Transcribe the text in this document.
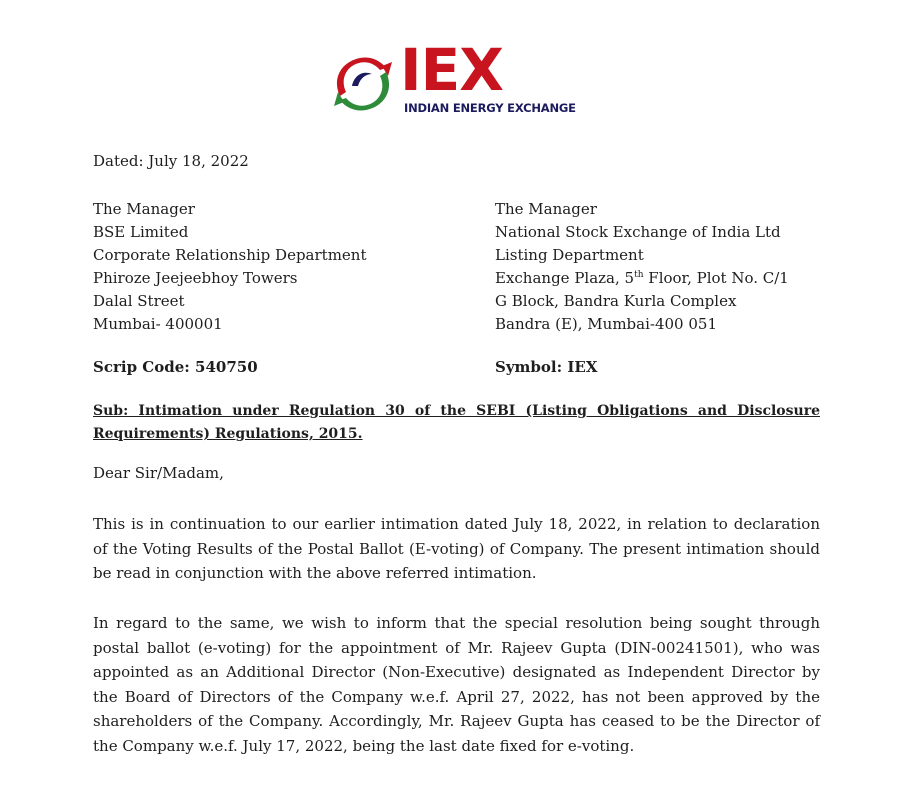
IEX
INDIAN ENERGY EXCHANGE
Dated: July 18, 2022
The Manager
BSE Limited
Corporate Relationship Department
Phiroze Jeejeebhoy Towers
Dalal Street
Mumbai- 400001
The Manager
National Stock Exchange of India Ltd
Listing Department
Exchange Plaza, 5th Floor, Plot No. C/1
G Block, Bandra Kurla Complex
Bandra (E), Mumbai-400 051
Scrip Code: 540750	Symbol: IEX
Sub: Intimation under Regulation 30 of the SEBI (Listing Obligations and Disclosure Requirements) Regulations, 2015.
Dear Sir/Madam,
This is in continuation to our earlier intimation dated July 18, 2022, in relation to declaration of the Voting Results of the Postal Ballot (E-voting) of Company. The present intimation should be read in conjunction with the above referred intimation.
In regard to the same, we wish to inform that the special resolution being sought through postal ballot (e-voting) for the appointment of Mr. Rajeev Gupta (DIN-00241501), who was appointed as an Additional Director (Non-Executive) designated as Independent Director by the Board of Directors of the Company w.e.f. April 27, 2022, has not been approved by the shareholders of the Company. Accordingly, Mr. Rajeev Gupta has ceased to be the Director of the Company w.e.f. July 17, 2022, being the last date fixed for e-voting.
